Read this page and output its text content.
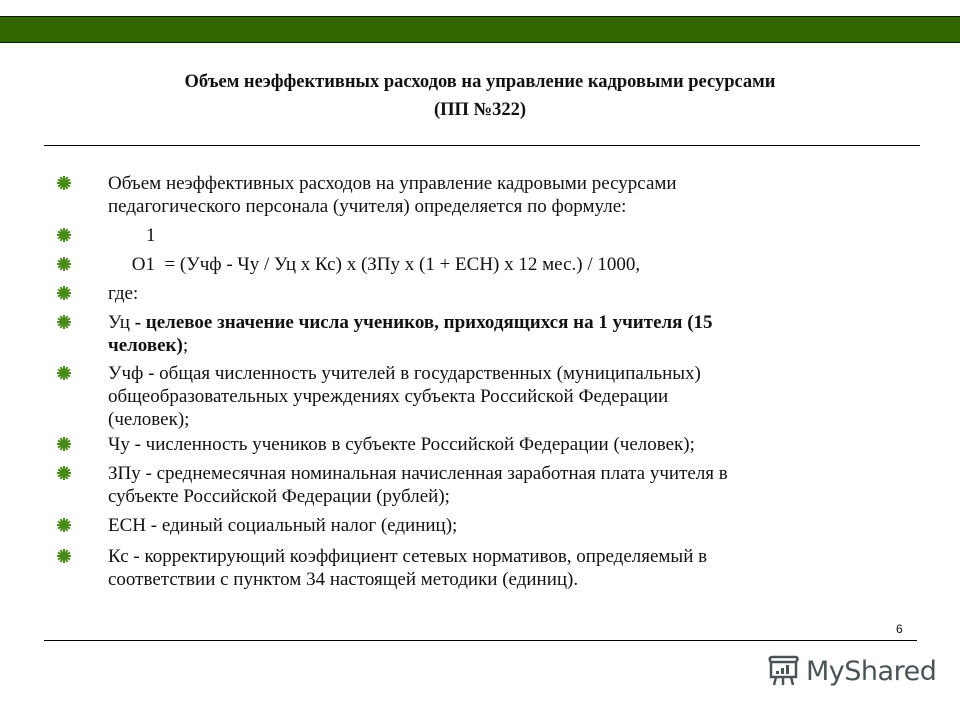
Объем неэффективных расходов на управление кадровыми ресурсами
(ПП №322)
Объем неэффективных расходов на управление кадровыми ресурсами
педагогического персонала (учителя) определяется по формуле:
1
О1  = (Учф - Чу / Уц х Кс) х (ЗПу х (1 + ЕСН) х 12 мес.) / 1000,
где:
Уц - целевое значение числа учеников, приходящихся на 1 учителя (15
человек);
Учф - общая численность учителей в государственных (муниципальных)
общеобразовательных учреждениях субъекта Российской Федерации
(человек);
Чу - численность учеников в субъекте Российской Федерации (человек);
ЗПу - среднемесячная номинальная начисленная заработная плата учителя в
субъекте Российской Федерации (рублей);
ЕСН - единый социальный налог (единиц);
Кс - корректирующий коэффициент сетевых нормативов, определяемый в
соответствии с пунктом 34 настоящей методики (единиц).
MyShared
6
